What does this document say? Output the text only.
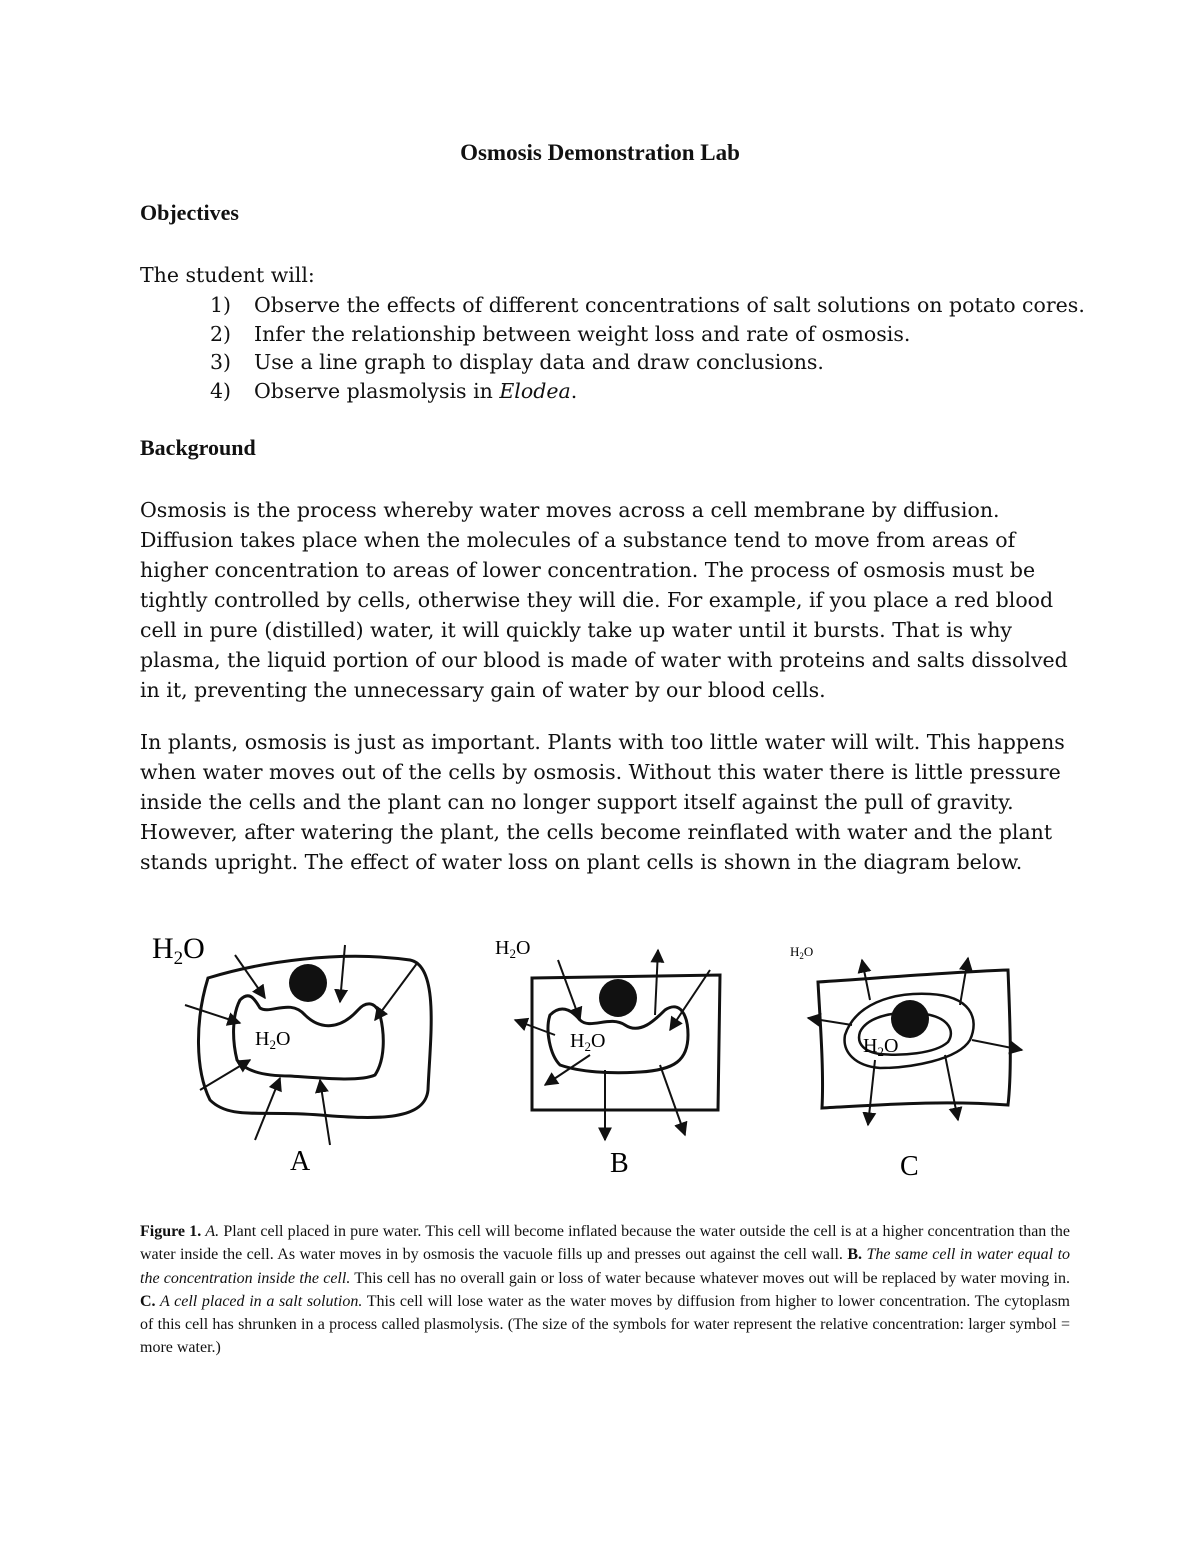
Osmosis Demonstration Lab
Objectives
The student will:
1) Observe the effects of different concentrations of salt solutions on potato cores.
2) Infer the relationship between weight loss and rate of osmosis.
3) Use a line graph to display data and draw conclusions.
4) Observe plasmolysis in Elodea.
Background
Osmosis is the process whereby water moves across a cell membrane by diffusion. Diffusion takes place when the molecules of a substance tend to move from areas of higher concentration to areas of lower concentration. The process of osmosis must be tightly controlled by cells, otherwise they will die. For example, if you place a red blood cell in pure (distilled) water, it will quickly take up water until it bursts. That is why plasma, the liquid portion of our blood is made of water with proteins and salts dissolved in it, preventing the unnecessary gain of water by our blood cells.
In plants, osmosis is just as important. Plants with too little water will wilt. This happens when water moves out of the cells by osmosis. Without this water there is little pressure inside the cells and the plant can no longer support itself against the pull of gravity. However, after watering the plant, the cells become reinflated with water and the plant stands upright. The effect of water loss on plant cells is shown in the diagram below.
$H_2O$
$H_2O$
A
$H_2O$
$H_2O$
B
$H_2O$
$H_2O$
C
Figure 1. A. Plant cell placed in pure water. This cell will become inflated because the water outside the cell is at a higher concentration than the water inside the cell. As water moves in by osmosis the vacuole fills up and presses out against the cell wall. B. The same cell in water equal to the concentration inside the cell. This cell has no overall gain or loss of water because whatever moves out will be replaced by water moving in. C. A cell placed in a salt solution. This cell will lose water as the water moves by diffusion from higher to lower concentration. The cytoplasm of this cell has shrunken in a process called plasmolysis. (The size of the symbols for water represent the relative concentration: larger symbol = more water.)
